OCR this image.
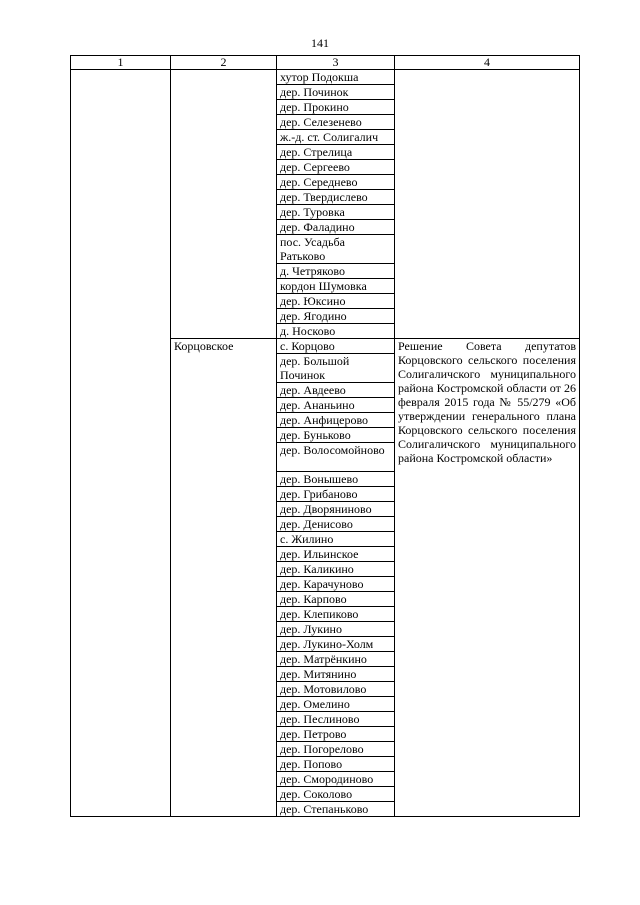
141
1	2	3	4
		хутор Подокша	
		дер. Починок	
		дер. Прокино	
		дер. Селезенево	
		ж.-д. ст. Солигалич	
		дер. Стрелица	
		дер. Сергеево	
		дер. Середнево	
		дер. Твердислево	
		дер. Туровка	
		дер. Фаладино	
		пос. Усадьба Ратьково	
		д. Четряково	
		кордон Шумовка	
		дер. Юксино	
		дер. Ягодино	
		д. Носково	
	Корцовское	с. Корцово	Решение Совета депутатов Корцовского сельского поселения Солигаличского муниципального района Костромской области от 26 февраля 2015 года № 55/279 «Об утверждении генерального плана Корцовского сельского поселения Солигаличского муниципального района Костромской области»
		дер. Большой Починок	
		дер. Авдеево	
		дер. Ананьино	
		дер. Анфицерово	
		дер. Буньково	
		дер. Волосомойново	
		дер. Вонышево	
		дер. Грибаново	
		дер. Дворяниново	
		дер. Денисово	
		с. Жилино	
		дер. Ильинское	
		дер. Каликино	
		дер. Карачуново	
		дер. Карпово	
		дер. Клепиково	
		дер. Лукино	
		дер. Лукино-Холм	
		дер. Матрёнкино	
		дер. Митянино	
		дер. Мотовилово	
		дер. Омелино	
		дер. Песлиново	
		дер. Петрово	
		дер. Погорелово	
		дер. Попово	
		дер. Смородиново	
		дер. Соколово	
		дер. Степаньково	
